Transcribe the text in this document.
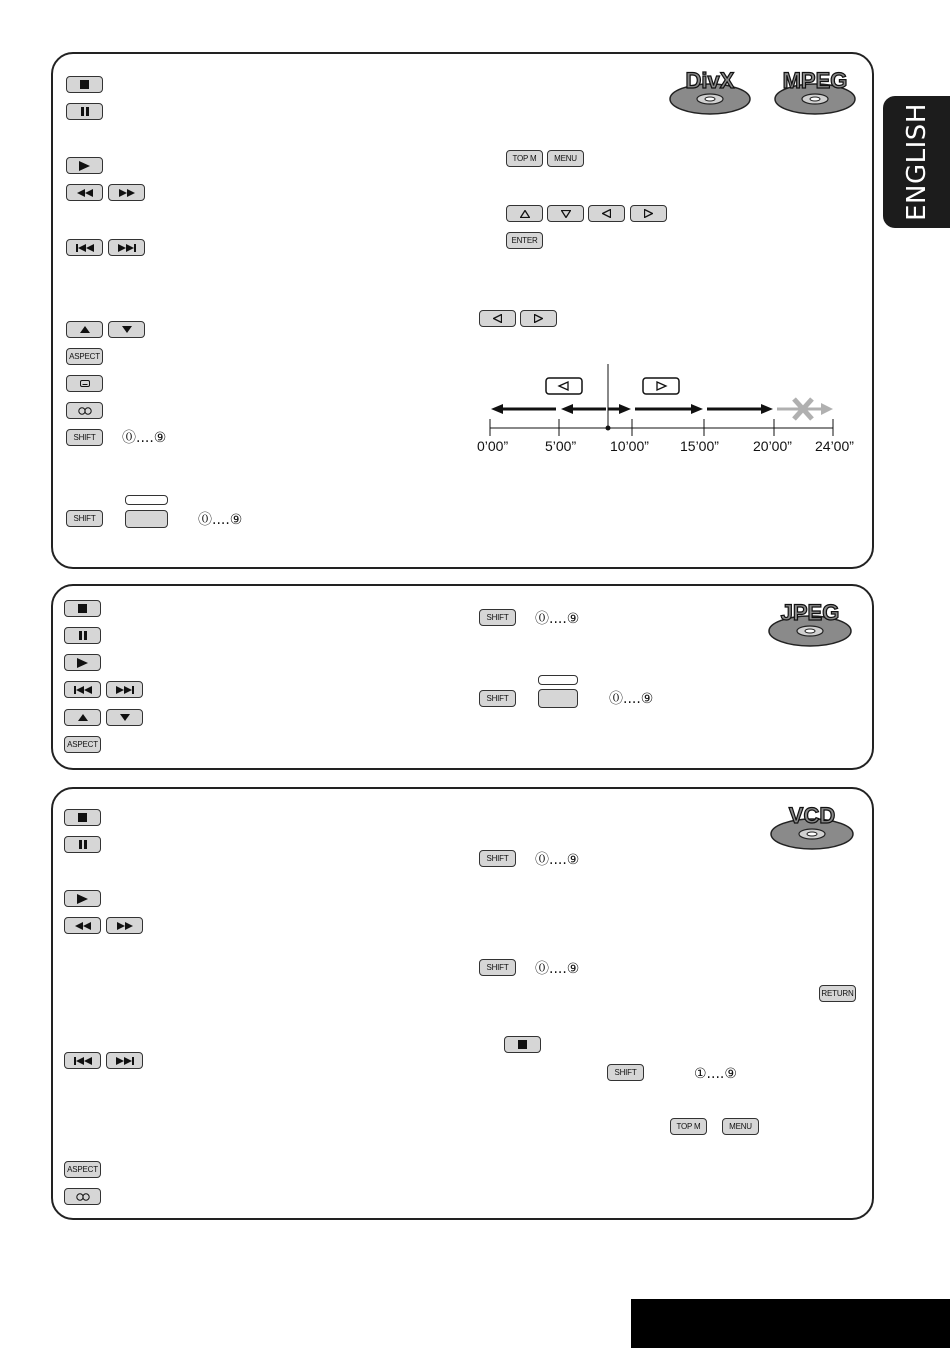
ENGLISH
DivX MPEG
ASPECT
SHIFT ⓪....⑨
SHIFT	⓪....⑨
TOP M MENU
ENTER
0’00”	5’00” 10’00” 15’00” 20’00” 24’00”
JPEG
ASPECT
SHIFT ⓪....⑨
SHIFT	⓪....⑨
VCD
ASPECT
SHIFT ⓪....⑨
SHIFT ⓪....⑨
RETURN
SHIFT	①....⑨
TOP M	MENU
